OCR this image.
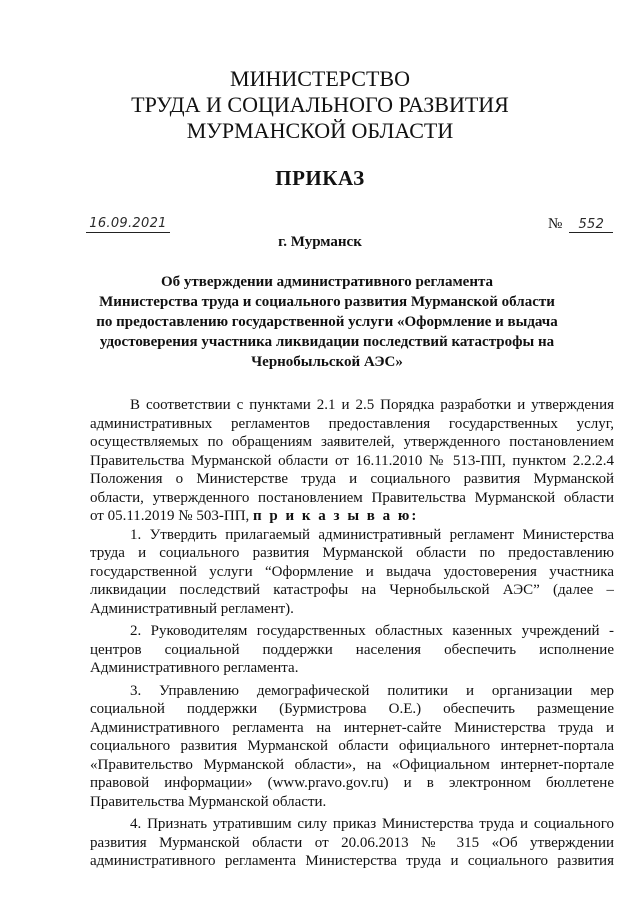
МИНИСТЕРСТВО
ТРУДА И СОЦИАЛЬНОГО РАЗВИТИЯ
МУРМАНСКОЙ ОБЛАСТИ
ПРИКАЗ
16.09.2021	№ 552
г. Мурманск
Об утверждении административного регламента
Министерства труда и социального развития Мурманской области
по предоставлению государственной услуги «Оформление и выдача
удостоверения участника ликвидации последствий катастрофы на
Чернобыльской АЭС»
В соответствии с пунктами 2.1 и 2.5 Порядка разработки и утверждения
административных регламентов предоставления государственных услуг,
осуществляемых по обращениям заявителей, утвержденного постановлением
Правительства Мурманской области от 16.11.2010 № 513-ПП, пунктом 2.2.2.4
Положения о Министерстве труда и социального развития Мурманской
области, утвержденного постановлением Правительства Мурманской области
от 05.11.2019 № 503-ПП, п р и к а з ы в а ю:
1. Утвердить прилагаемый административный регламент Министерства
труда и социального развития Мурманской области по предоставлению
государственной услуги “Оформление и выдача удостоверения участника
ликвидации последствий катастрофы на Чернобыльской АЭС” (далее –
Административный регламент).
2. Руководителям государственных областных казенных учреждений -
центров социальной поддержки населения обеспечить исполнение
Административного регламента.
3. Управлению демографической политики и организации мер
социальной поддержки (Бурмистрова О.Е.) обеспечить размещение
Административного регламента на интернет-сайте Министерства труда и
социального развития Мурманской области официального интернет-портала
«Правительство Мурманской области», на «Официальном интернет-портале
правовой информации» (www.pravo.gov.ru) и в электронном бюллетене
Правительства Мурманской области.
4. Признать утратившим силу приказ Министерства труда и социального
развития Мурманской области от 20.06.2013 № 315 «Об утверждении
административного регламента Министерства труда и социального развития
